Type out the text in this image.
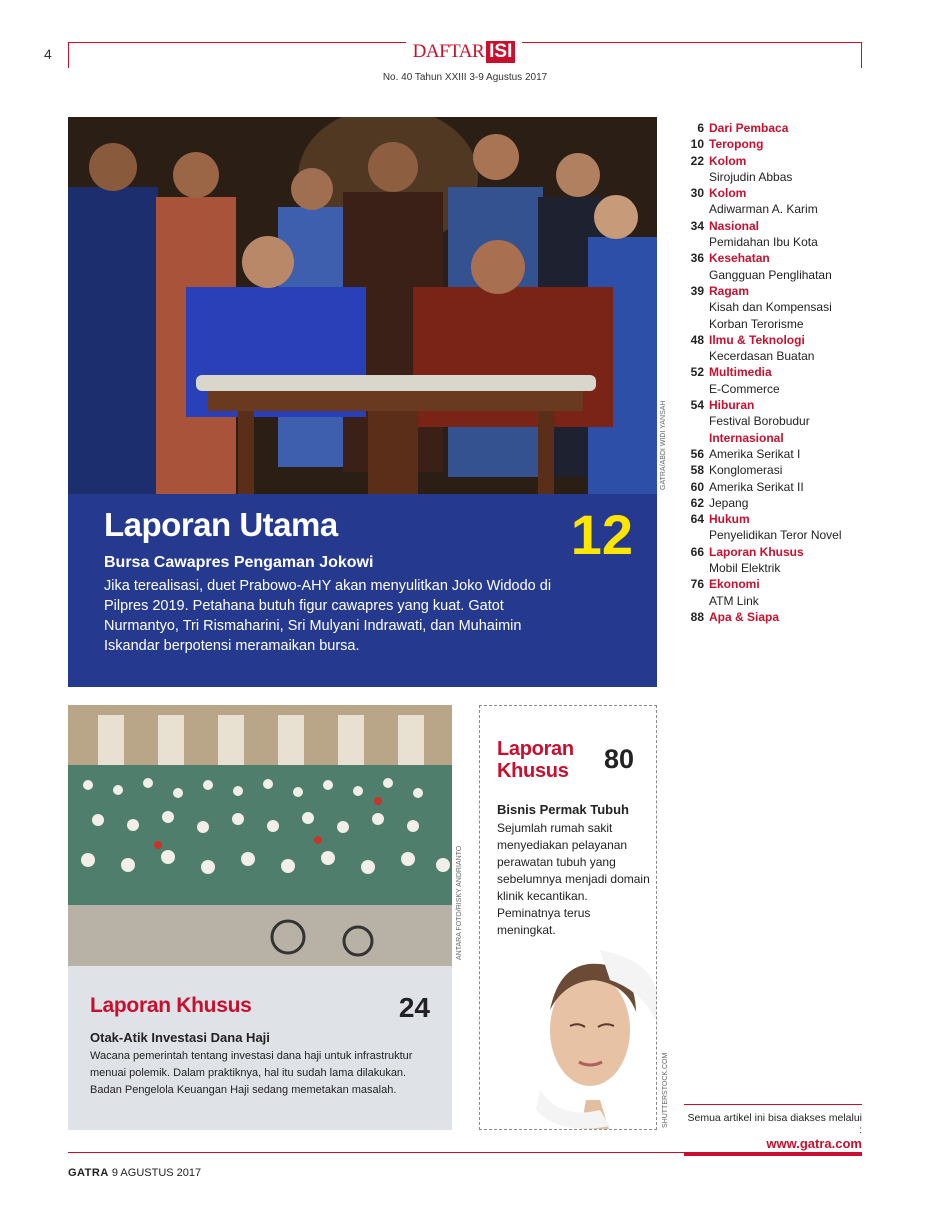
4	DAFTAR ISI
No. 40 Tahun XXIII 3-9 Agustus 2017
GATRA/ABDI WIDI YANSAH
Laporan Utama	12
Bursa Cawapres Pengaman Jokowi
Jika terealisasi, duet Prabowo-AHY akan menyulitkan Joko Widodo di Pilpres 2019. Petahana butuh figur cawapres yang kuat. Gatot Nurmantyo, Tri Rismaharini, Sri Mulyani Indrawati, dan Muhaimin Iskandar berpotensi meramaikan bursa.
6 Dari Pembaca
10 Teropong
22 Kolom
Sirojudin Abbas
30 Kolom
Adiwarman A. Karim
34 Nasional
Pemidahan Ibu Kota
36 Kesehatan
Gangguan Penglihatan
39 Ragam
Kisah dan Kompensasi Korban Terorisme
48 Ilmu & Teknologi
Kecerdasan Buatan
52 Multimedia
E-Commerce
54 Hiburan
Festival Borobudur
Internasional
56 Amerika Serikat I
58 Konglomerasi
60 Amerika Serikat II
62 Jepang
64 Hukum
Penyelidikan Teror Novel
66 Laporan Khusus
Mobil Elektrik
76 Ekonomi
ATM Link
88 Apa & Siapa
ANTARA FOTO/RISKY ANDRIANTO
Laporan Khusus	24
Otak-Atik Investasi Dana Haji
Wacana pemerintah tentang investasi dana haji untuk infrastruktur menuai polemik. Dalam praktiknya, hal itu sudah lama dilakukan. Badan Pengelola Keuangan Haji sedang memetakan masalah.
Laporan
Khusus 80
Bisnis Permak Tubuh
Sejumlah rumah sakit menyediakan pelayanan perawatan tubuh yang sebelumnya menjadi domain klinik kecantikan. Peminatnya terus meningkat.
SHUTTERSTOCK.COM	Semua artikel ini bisa diakses melalui :
www.gatra.com
GATRA 9 AGUSTUS 2017
